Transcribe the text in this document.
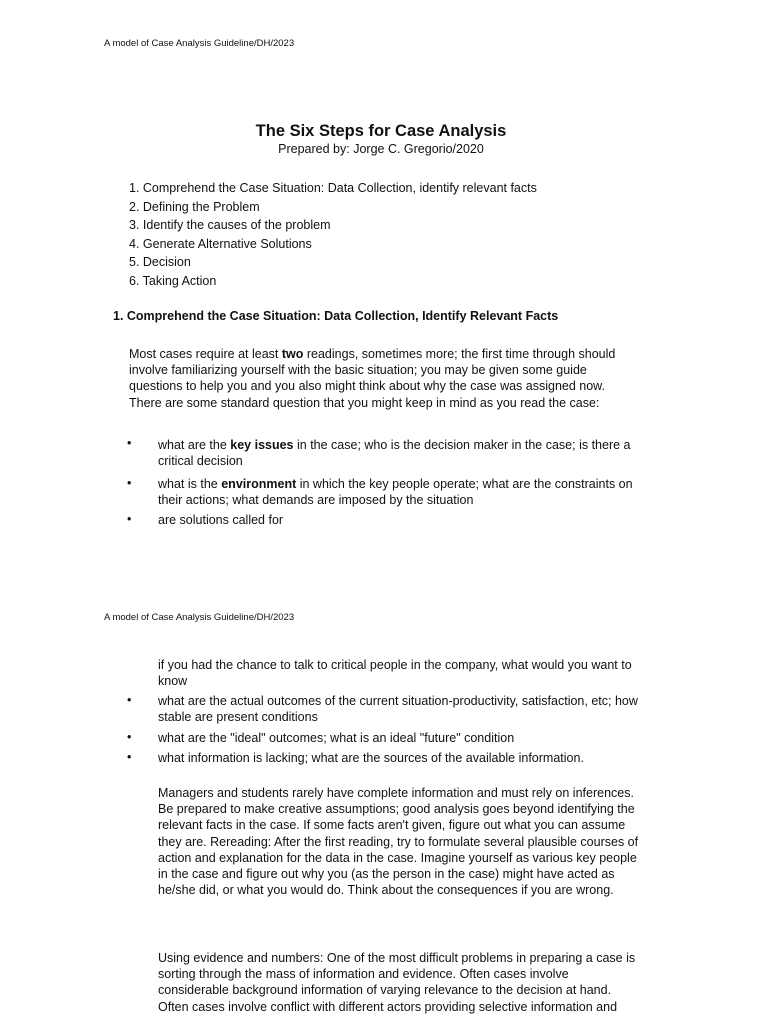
A model of Case Analysis Guideline/DH/2023
The Six Steps for Case Analysis
Prepared by: Jorge C. Gregorio/2020
1. Comprehend the Case Situation: Data Collection, identify relevant facts
2. Defining the Problem
3. Identify the causes of the problem
4. Generate Alternative Solutions
5. Decision
6. Taking Action
1. Comprehend the Case Situation: Data Collection, Identify Relevant Facts
Most cases require at least two readings, sometimes more; the first time through should involve familiarizing yourself with the basic situation; you may be given some guide questions to help you and you also might think about why the case was assigned now. There are some standard question that you might keep in mind as you read the case:
• what are the key issues in the case; who is the decision maker in the case; is there a critical decision
• what is the environment in which the key people operate; what are the constraints on their actions; what demands are imposed by the situation
• are solutions called for
A model of Case Analysis Guideline/DH/2023
if you had the chance to talk to critical people in the company, what would you want to know
• what are the actual outcomes of the current situation-productivity, satisfaction, etc; how stable are present conditions
• what are the "ideal" outcomes; what is an ideal "future" condition
• what information is lacking; what are the sources of the available information.
Managers and students rarely have complete information and must rely on inferences. Be prepared to make creative assumptions; good analysis goes beyond identifying the relevant facts in the case. If some facts aren't given, figure out what you can assume they are. Rereading: After the first reading, try to formulate several plausible courses of action and explanation for the data in the case. Imagine yourself as various key people in the case and figure out why you (as the person in the case) might have acted as he/she did, or what you would do. Think about the consequences if you are wrong.
Using evidence and numbers: One of the most difficult problems in preparing a case is sorting through the mass of information and evidence. Often cases involve considerable background information of varying relevance to the decision at hand. Often cases involve conflict with different actors providing selective information and
